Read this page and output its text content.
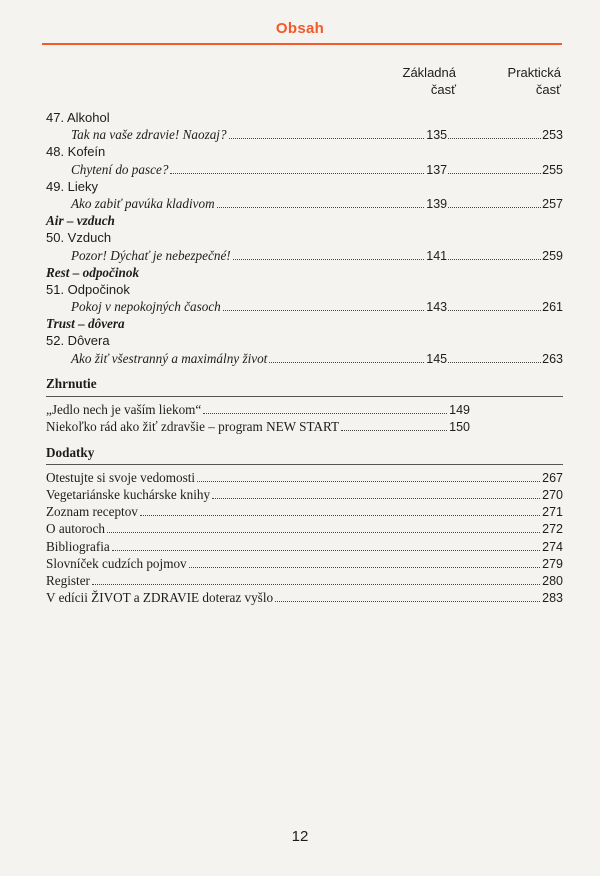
Obsah
Základná
časť
Praktická
časť
47. Alkohol
Tak na vaše zdravie! Naozaj?	135	253
48. Kofeín
Chytení do pasce?	137	255
49. Lieky
Ako zabiť pavúka kladivom	139	257
Air – vzduch
50. Vzduch
Pozor! Dýchať je nebezpečné!	141	259
Rest – odpočinok
51. Odpočinok
Pokoj v nepokojných časoch	143	261
Trust – dôvera
52. Dôvera
Ako žiť všestranný a maximálny život	145	263
Zhrnutie
„Jedlo nech je vaším liekom“	149
Niekoľko rád ako žiť zdravšie – program NEW START	150
Dodatky
Otestujte si svoje vedomosti	267
Vegetariánske kuchárske knihy	270
Zoznam receptov	271
O autoroch	272
Bibliografia	274
Slovníček cudzích pojmov	279
Register	280
V edícii ŽIVOT a ZDRAVIE doteraz vyšlo	283
12
